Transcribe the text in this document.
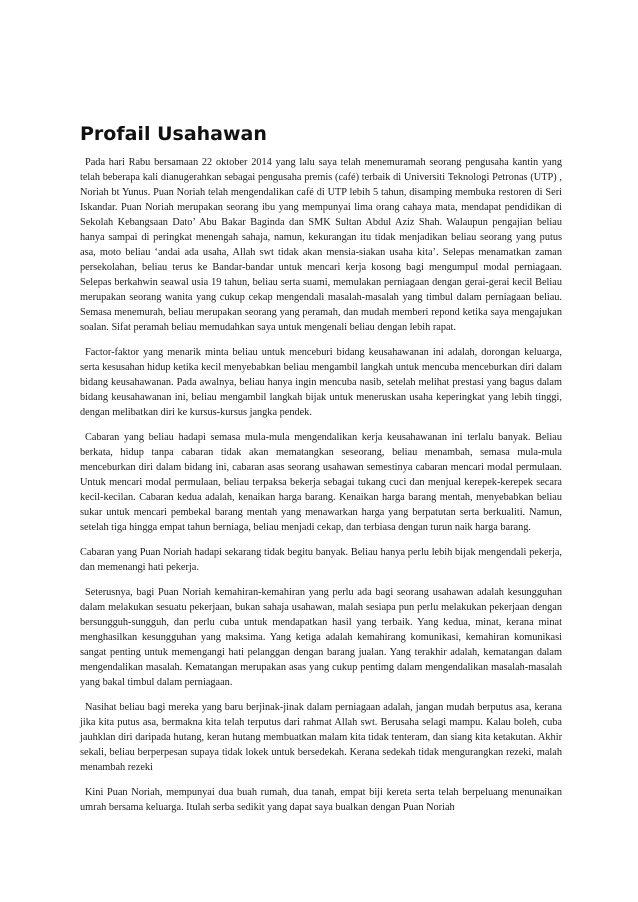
Profail Usahawan

Pada hari Rabu bersamaan 22 oktober 2014 yang lalu saya telah menemuramah seorang pengusaha kantin yang telah beberapa kali dianugerahkan sebagai pengusaha premis (café) terbaik di Universiti Teknologi Petronas (UTP) , Noriah bt Yunus. Puan Noriah telah mengendalikan café di UTP lebih 5 tahun, disamping membuka restoren di Seri Iskandar. Puan Noriah merupakan seorang ibu yang mempunyai lima orang cahaya mata, mendapat pendidikan di Sekolah Kebangsaan Dato’ Abu Bakar Baginda dan SMK Sultan Abdul Aziz Shah. Walaupun pengajian beliau hanya sampai di peringkat menengah sahaja, namun, kekurangan itu tidak menjadikan beliau seorang yang putus asa, moto beliau ‘andai ada usaha, Allah swt tidak akan mensia-siakan usaha kita’. Selepas menamatkan zaman persekolahan, beliau terus ke Bandar-bandar untuk mencari kerja kosong bagi mengumpul modal perniagaan. Selepas berkahwin seawal usia 19 tahun, beliau serta suami, memulakan perniagaan dengan gerai-gerai kecil Beliau merupakan seorang wanita yang cukup cekap mengendali masalah-masalah yang timbul dalam perniagaan beliau. Semasa menemurah, beliau merupakan seorang yang peramah, dan mudah memberi repond ketika saya mengajukan soalan. Sifat peramah beliau memudahkan saya untuk mengenali beliau dengan lebih rapat.

Factor-faktor yang menarik minta beliau untuk menceburi bidang keusahawanan ini adalah, dorongan keluarga, serta kesusahan hidup ketika kecil menyebabkan beliau mengambil langkah untuk mencuba menceburkan diri dalam bidang keusahawanan. Pada awalnya, beliau hanya ingin mencuba nasib, setelah melihat prestasi yang bagus dalam bidang keusahawanan ini, beliau mengambil langkah bijak untuk meneruskan usaha keperingkat yang lebih tinggi, dengan melibatkan diri ke kursus-kursus jangka pendek.

Cabaran yang beliau hadapi semasa mula-mula mengendalikan kerja keusahawanan ini terlalu banyak. Beliau berkata, hidup tanpa cabaran tidak akan mematangkan seseorang, beliau menambah, semasa mula-mula menceburkan diri dalam bidang ini, cabaran asas seorang usahawan semestinya cabaran mencari modal permulaan. Untuk mencari modal permulaan, beliau terpaksa bekerja sebagai tukang cuci dan menjual kerepek-kerepek secara kecil-kecilan. Cabaran kedua adalah, kenaikan harga barang. Kenaikan harga barang mentah, menyebabkan beliau sukar untuk mencari pembekal barang mentah yang menawarkan harga yang berpatutan serta berkualiti. Namun, setelah tiga hingga empat tahun berniaga, beliau menjadi cekap, dan terbiasa dengan turun naik harga barang.

Cabaran yang Puan Noriah hadapi sekarang tidak begitu banyak. Beliau hanya perlu lebih bijak mengendali pekerja, dan memenangi hati pekerja.

Seterusnya, bagi Puan Noriah kemahiran-kemahiran yang perlu ada bagi seorang usahawan adalah kesungguhan dalam melakukan sesuatu pekerjaan, bukan sahaja usahawan, malah sesiapa pun perlu melakukan pekerjaan dengan bersungguh-sungguh, dan perlu cuba untuk mendapatkan hasil yang terbaik. Yang kedua, minat, kerana minat menghasilkan kesungguhan yang maksima. Yang ketiga adalah kemahirang komunikasi, kemahiran komunikasi sangat penting untuk memengangi hati pelanggan dengan barang jualan. Yang terakhir adalah, kematangan dalam mengendalikan masalah. Kematangan merupakan asas yang cukup pentimg dalam mengendalikan masalah-masalah yang bakal timbul dalam perniagaan.

Nasihat beliau bagi mereka yang baru berjinak-jinak dalam perniagaan adalah, jangan mudah berputus asa, kerana jika kita putus asa, bermakna kita telah terputus dari rahmat Allah swt. Berusaha selagi mampu. Kalau boleh, cuba jauhklan diri daripada hutang, keran hutang membuatkan malam kita tidak tenteram, dan siang kita ketakutan. Akhir sekali, beliau berperpesan supaya tidak lokek untuk bersedekah. Kerana sedekah tidak mengurangkan rezeki, malah menambah rezeki

Kini Puan Noriah, mempunyai dua buah rumah, dua tanah, empat biji kereta serta telah berpeluang menunaikan umrah bersama keluarga. Itulah serba sedikit yang dapat saya bualkan dengan Puan Noriah
